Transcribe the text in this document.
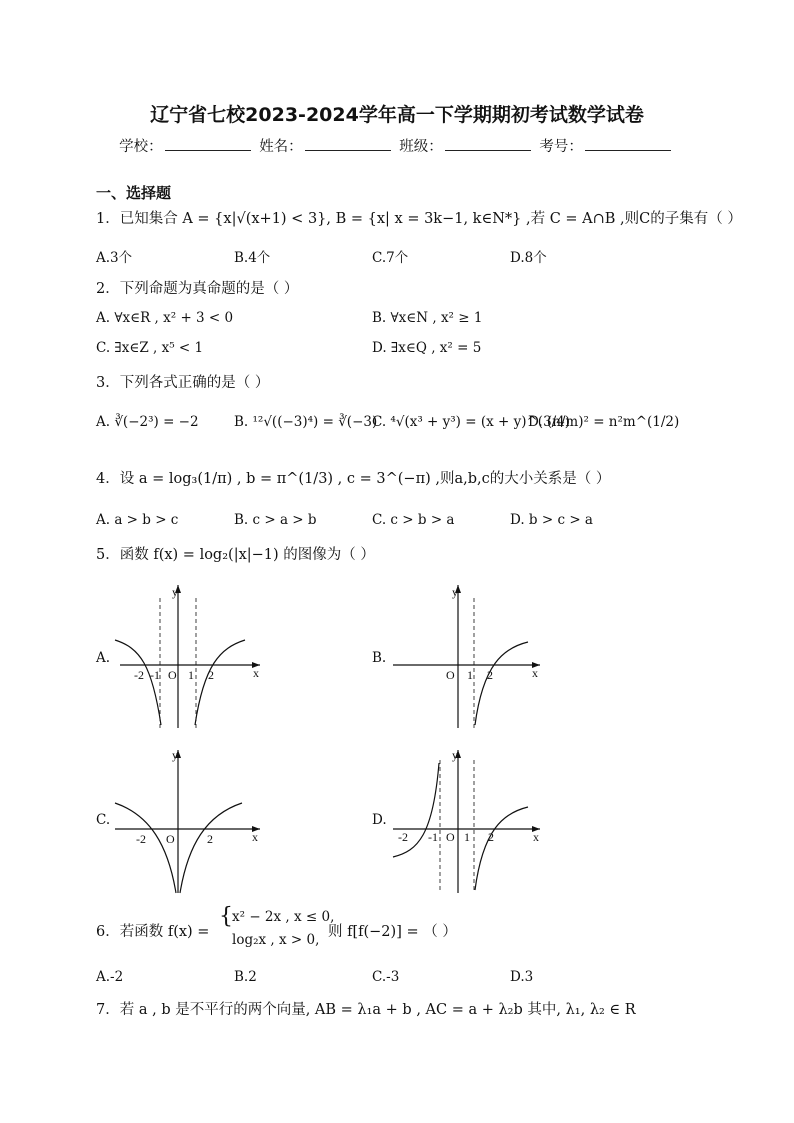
辽宁省七校2023-2024学年高一下学期期初考试数学试卷
学校：	姓名：	班级：	考号：
一、选择题
1．已知集合 A = {x|√(x+1) < 3}, B = {x| x = 3k−1, k∈N*} ,若 C = A∩B ,则C的子集有（ ）
A.3个	B.4个	C.7个	D.8个
2．下列命题为真命题的是（ ）
A. ∀x∈R , x² + 3 < 0	B. ∀x∈N , x² ≥ 1
C. ∃x∈Z , x⁵ < 1	D. ∃x∈Q , x² = 5
3．下列各式正确的是（ ）
A. ∛(−2³) = −2	B. ¹²√((−3)⁴) = ∛(−3)
C. ⁴√(x³ + y³) = (x + y)^(3/4)
D. (n/m)² = n²m^(1/2)
4．设 a = log₃(1/π) , b = π^(1/3) , c = 3^(−π) ,则a,b,c的大小关系是（ ）
A. a > b > c	B. c > a > b	C. c > b > a	D. b > c > a
5．函数 f(x) = log₂(|x|−1) 的图像为（ ）
A.
y
x
O
-2 -1 1 2
B.
y
x
O 1 2
C.
y
x
O
-2	2
D.
y
x
O
-2 -1 1 2
6．若函数 f(x) =
{ x² − 2x , x ≤ 0,
log₂x , x > 0, 则 f[f(−2)] = （ ）
A.-2	B.2	C.-3	D.3
7．若 a , b 是不平行的两个向量, AB = λ₁a + b , AC = a + λ₂b 其中, λ₁, λ₂ ∈ R
